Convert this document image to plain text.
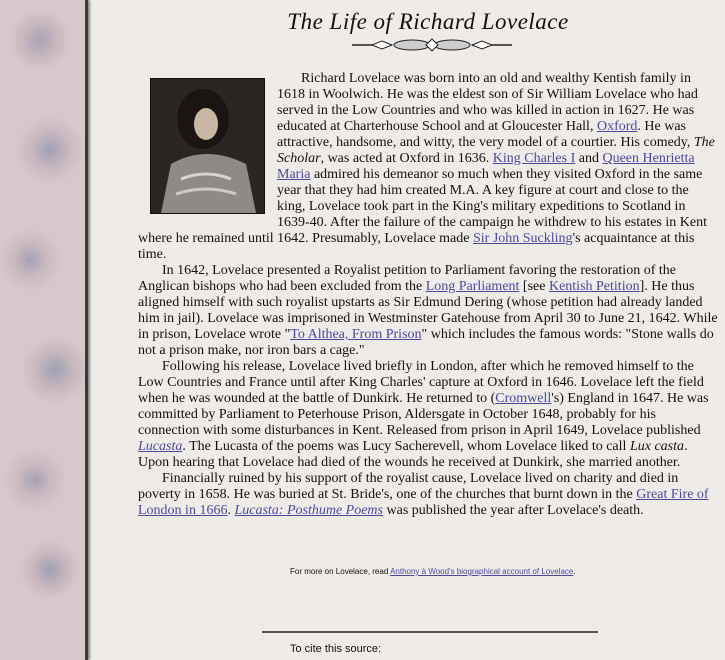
The Life of Richard Lovelace

Richard Lovelace was born into an old and wealthy Kentish family in 1618 in Woolwich. He was the eldest son of Sir William Lovelace who had served in the Low Countries and who was killed in action in 1627. He was educated at Charterhouse School and at Gloucester Hall, Oxford. He was attractive, handsome, and witty, the very model of a courtier. His comedy, The Scholar, was acted at Oxford in 1636. King Charles I and Queen Henrietta Maria admired his demeanor so much when they visited Oxford in the same year that they had him created M.A. A key figure at court and close to the king, Lovelace took part in the King's military expeditions to Scotland in 1639-40. After the failure of the campaign he withdrew to his estates in Kent where he remained until 1642. Presumably, Lovelace made Sir John Suckling's acquaintance at this time.

In 1642, Lovelace presented a Royalist petition to Parliament favoring the restoration of the Anglican bishops who had been excluded from the Long Parliament [see Kentish Petition]. He thus aligned himself with such royalist upstarts as Sir Edmund Dering (whose petition had already landed him in jail). Lovelace was imprisoned in Westminster Gatehouse from April 30 to June 21, 1642. While in prison, Lovelace wrote "To Althea, From Prison" which includes the famous words: "Stone walls do not a prison make, nor iron bars a cage."

Following his release, Lovelace lived briefly in London, after which he removed himself to the Low Countries and France until after King Charles' capture at Oxford in 1646. Lovelace left the field when he was wounded at the battle of Dunkirk. He returned to (Cromwell's) England in 1647. He was committed by Parliament to Peterhouse Prison, Aldersgate in October 1648, probably for his connection with some disturbances in Kent. Released from prison in April 1649, Lovelace published Lucasta. The Lucasta of the poems was Lucy Sacherevell, whom Lovelace liked to call Lux casta. Upon hearing that Lovelace had died of the wounds he received at Dunkirk, she married another.

Financially ruined by his support of the royalist cause, Lovelace lived on charity and died in poverty in 1658. He was buried at St. Bride's, one of the churches that burnt down in the Great Fire of London in 1666. Lucasta: Posthume Poems was published the year after Lovelace's death.

For more on Lovelace, read Anthony à Wood's biographical account of Lovelace.
To cite this source:
